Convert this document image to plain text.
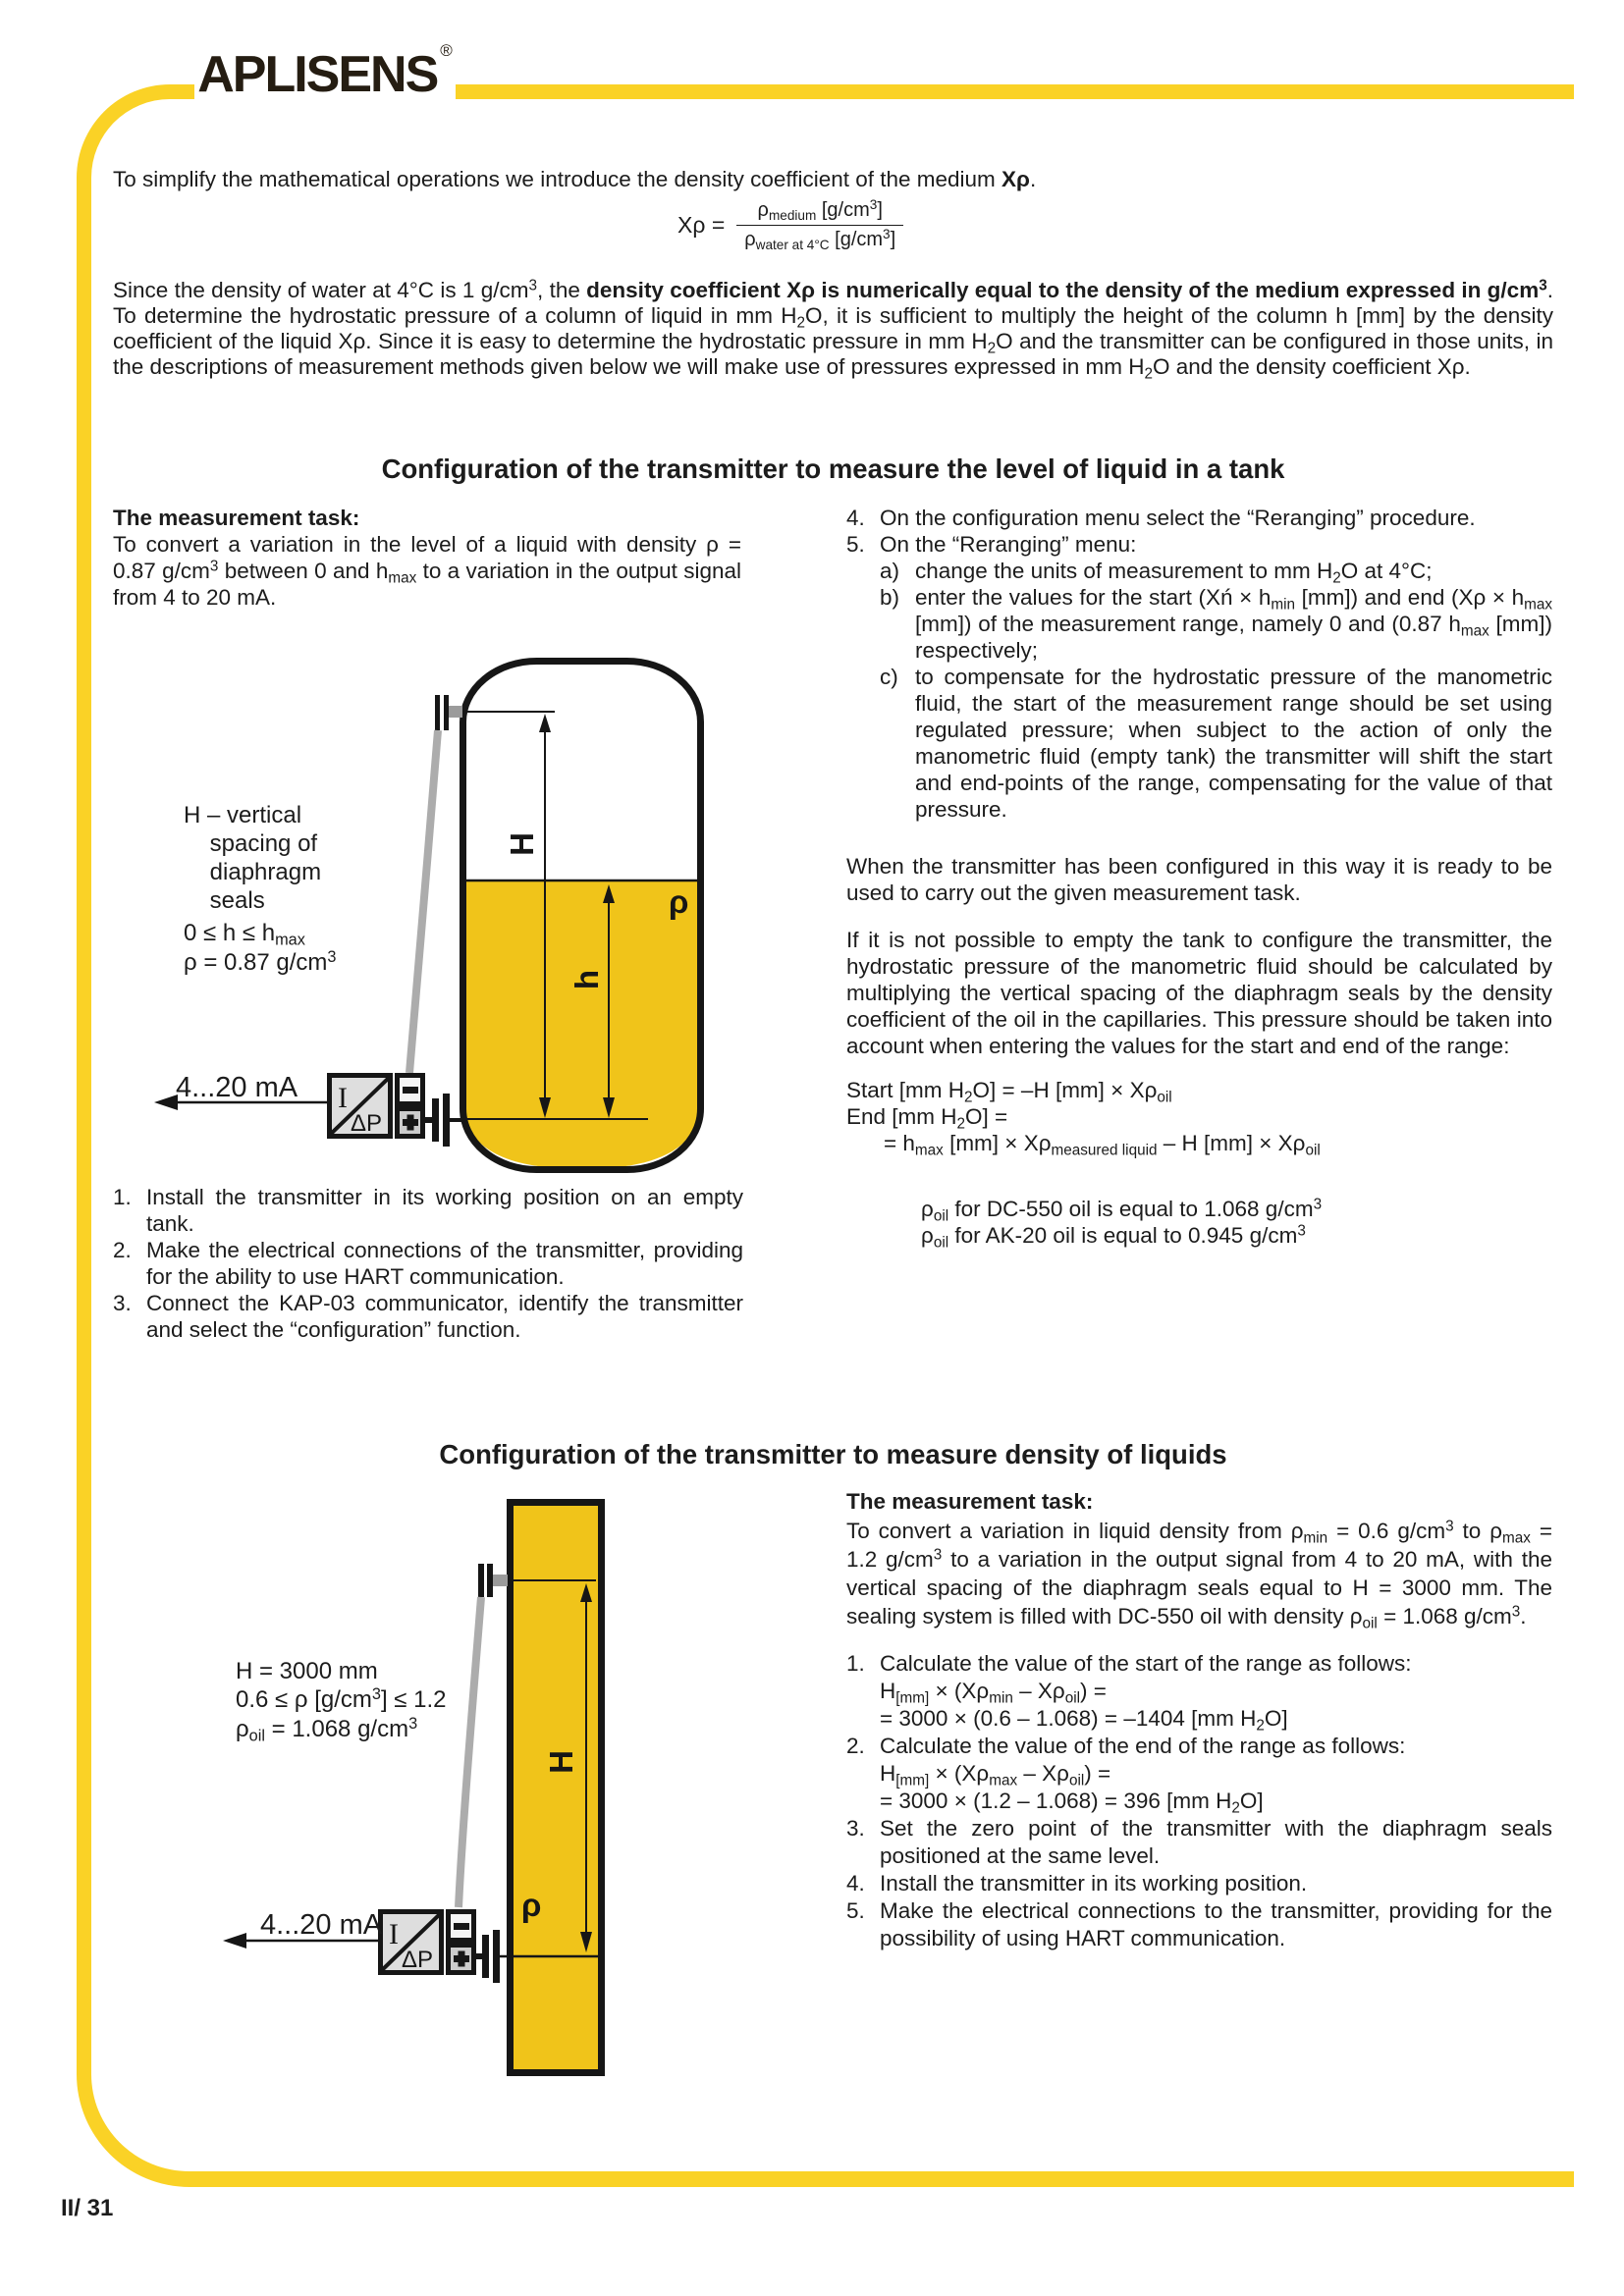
APLISENS ®
To simplify the mathematical operations we introduce the density coefficient of the medium Xρ.
$X\rho = \frac{\rho_{medium} [g/cm^3]}{\rho_{water at 4^\circ C} [g/cm^3]}$
Since the density of water at 4°C is 1 $g/cm^3$, the density coefficient Xρ is numerically equal to the density of the medium expressed in $g/cm^3$. To determine the hydrostatic pressure of a column of liquid in mm $H_2O$, it is sufficient to multiply the height of the column h [mm] by the density coefficient of the liquid Xρ. Since it is easy to determine the hydrostatic pressure in mm $H_2O$ and the transmitter can be configured in those units, in the descriptions of measurement methods given below we will make use of pressures expressed in mm $H_2O$ and the density coefficient Xρ.
Configuration of the transmitter to measure the level of liquid in a tank
The measurement task:
To convert a variation in the level of a liquid with density ρ = 0.87 $g/cm^3$ between 0 and $h_{max}$ to a variation in the output signal from 4 to 20 mA.
H
h
ρ
I
ΔP
H – vertical
spacing of
diaphragm
seals
$0 \le h \le h_{max}$
ρ = 0.87 $g/cm^3$
4...20 mA
1. Install the transmitter in its working position on an empty tank.
2. Make the electrical connections of the transmitter, providing for the ability to use HART communication.
3. Connect the KAP-03 communicator, identify the transmitter and select the “configuration” function.
4. On the configuration menu select the “Reranging” procedure.
5. On the “Reranging” menu:
a) change the units of measurement to mm $H_2O$ at 4°C;
b) enter the values for the start (Xń × $h_{min}$ [mm]) and end ($X\rho \times h_{max}$ [mm]) of the measurement range, namely 0 and (0.87 $h_{max}$ [mm]) respectively;
c) to compensate for the hydrostatic pressure of the manometric fluid, the start of the measurement range should be set using regulated pressure; when subject to the action of only the manometric fluid (empty tank) the transmitter will shift the start and end-points of the range, compensating for the value of that pressure.
When the transmitter has been configured in this way it is ready to be used to carry out the given measurement task.
If it is not possible to empty the tank to configure the transmitter, the hydrostatic pressure of the manometric fluid should be calculated by multiplying the vertical spacing of the diaphragm seals by the density coefficient of the oil in the capillaries. This pressure should be taken into account when entering the values for the start and end of the range:
Start [mm $H_2O] = -H$ $[mm] \times X\rho_{oil}$
End [mm $H_2O$] =
= $h_{max}$ $[mm] \times X\rho_{measured liquid} - H$ $[mm] \times X\rho_{oil}$
$\rho_{oil}$ for DC-550 oil is equal to 1.068 $g/cm^3$
$\rho_{oil}$ for AK-20 oil is equal to 0.945 $g/cm^3$
Configuration of the transmitter to measure density of liquids
H
ρ
I
ΔP
H = 3000 mm
0.6 ≤ ρ $[g/cm^3] \le 1.2$
$\rho_{oil} = 1.068$ $g/cm^3$
4...20 mA
The measurement task:
To convert a variation in liquid density from $\rho_{min} = 0.6$ $g/cm^3$ to $\rho_{max} = 1.2$ $g/cm^3$ to a variation in the output signal from 4 to 20 mA, with the vertical spacing of the diaphragm seals equal to H = 3000 mm. The sealing system is filled with DC-550 oil with density $\rho_{oil} = 1.068$ $g/cm^3$.
1. Calculate the value of the start of the range as follows:
$H_{[mm]} \times (X\rho_{min} - X\rho_{oil})$ =
= 3000 × (0.6 – 1.068) = –1404 [mm $H_2O$]
2. Calculate the value of the end of the range as follows:
$H_{[mm]} \times (X\rho_{max} - X\rho_{oil})$ =
= 3000 × (1.2 – 1.068) = 396 [mm $H_2O$]
3. Set the zero point of the transmitter with the diaphragm seals positioned at the same level.
4. Install the transmitter in its working position.
5. Make the electrical connections to the transmitter, providing for the possibility of using HART communication.
II/ 31
